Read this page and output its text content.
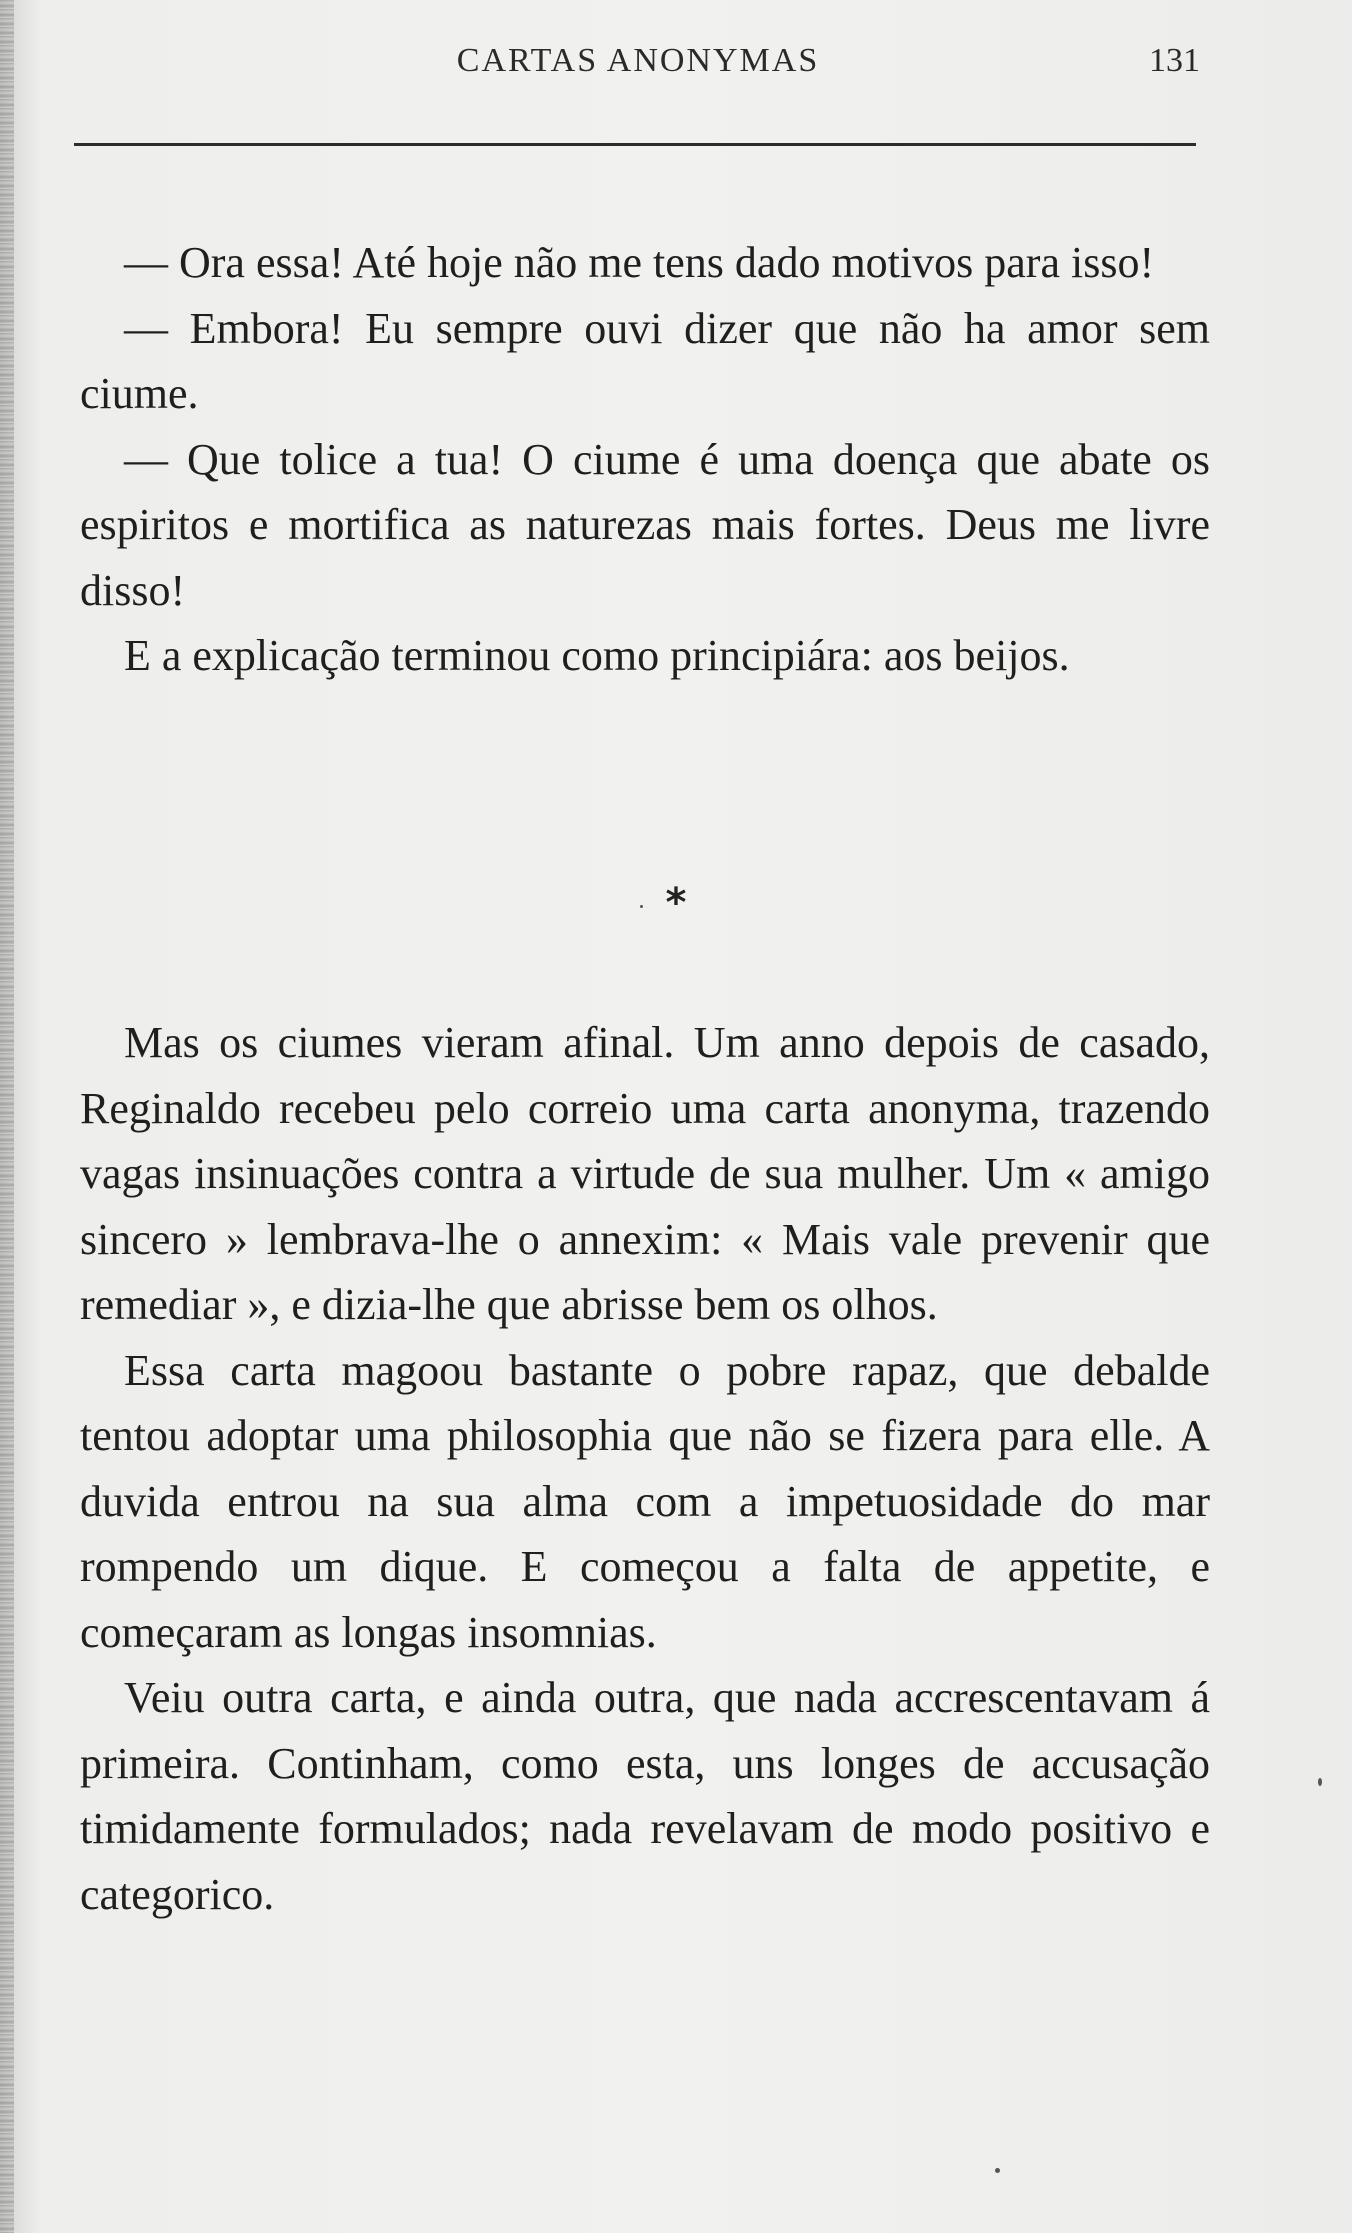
CARTAS ANONYMAS	131

— Ora essa! Até hoje não me tens dado motivos para isso!

— Embora! Eu sempre ouvi dizer que não ha amor sem ciume.

— Que tolice a tua! O ciume é uma doença que abate os espiritos e mortifica as naturezas mais fortes. Deus me livre disso!

E a explicação terminou como principiára: aos beijos.

*

Mas os ciumes vieram afinal. Um anno depois de casado, Reginaldo recebeu pelo correio uma carta anonyma, trazendo vagas insinuações contra a virtude de sua mulher. Um « amigo sincero » lembrava-lhe o annexim: « Mais vale prevenir que remediar », e dizia-lhe que abrisse bem os olhos.

Essa carta magoou bastante o pobre rapaz, que debalde tentou adoptar uma philosophia que não se fizera para elle. A duvida entrou na sua alma com a impetuosidade do mar rompendo um dique. E começou a falta de appetite, e começaram as longas insomnias.

Veiu outra carta, e ainda outra, que nada accrescentavam á primeira. Continham, como esta, uns longes de accusação timidamente formulados; nada revelavam de modo positivo e categorico.
